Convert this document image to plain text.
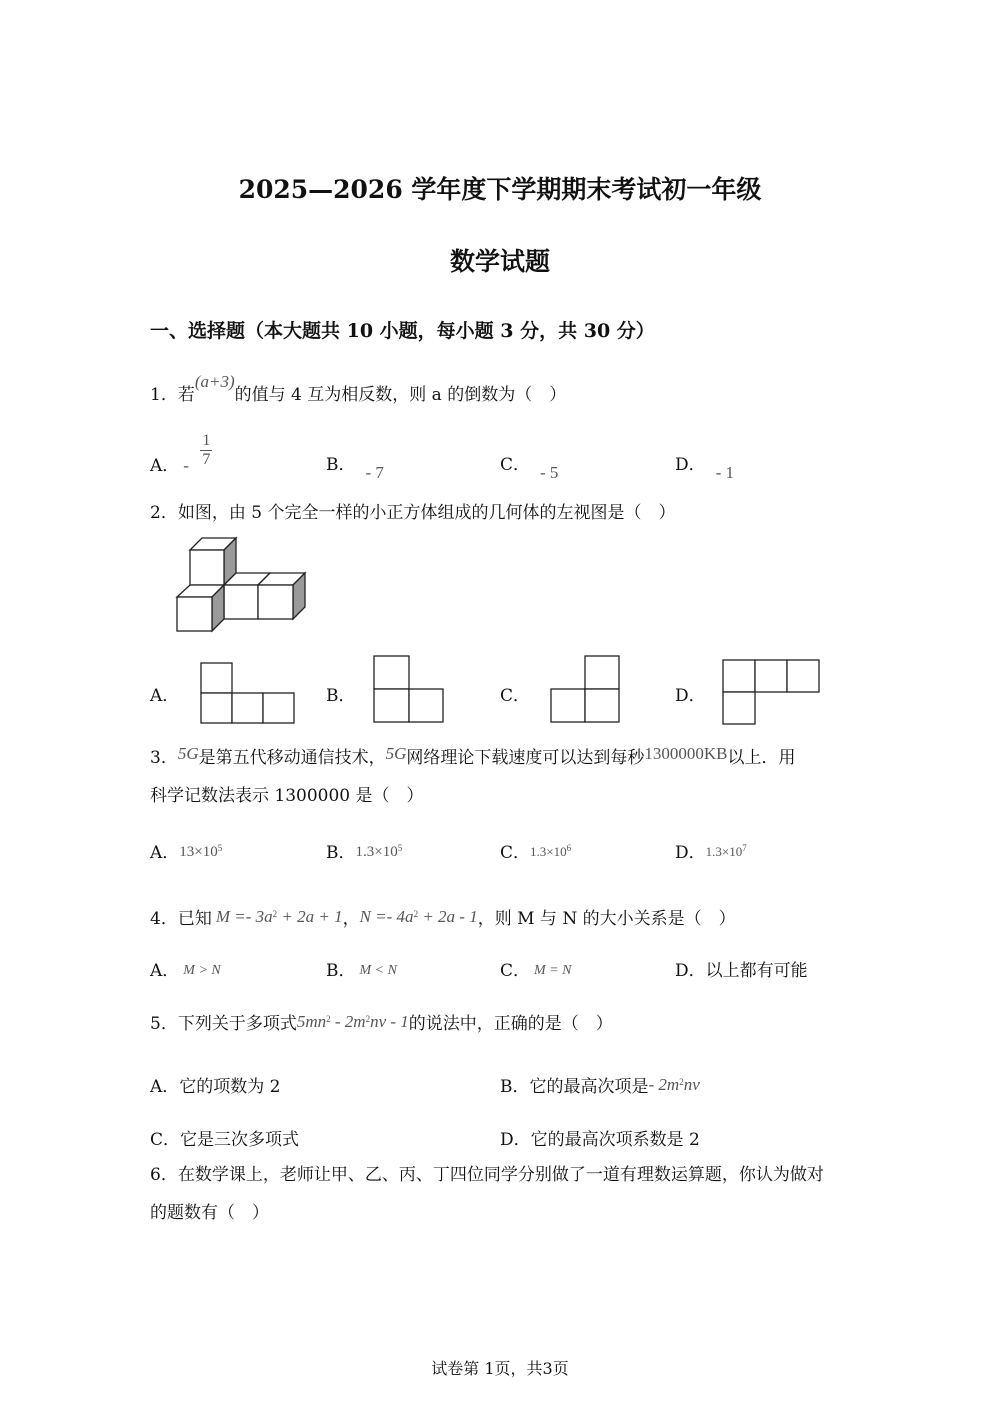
2025—2026 学年度下学期期末考试初一年级
数学试题
一、选择题（本大题共 10 小题，每小题 3 分，共 30 分）
1．若(a+3)的值与 4 互为相反数，则 a 的倒数为（　）
A． - $\frac{1}{7}$	B． - 7	C． - 5	D． - 1
2．如图，由 5 个完全一样的小正方体组成的几何体的左视图是（　）
A．	B．	C．	D．
3．5G是第五代移动通信技术，5G网络理论下载速度可以达到每秒1300000KB以上．用
科学记数法表示 1300000 是（　）
A．$13\times 10^5$	B．$1.3\times 10^5$	C．$1.3\times 10^6$	D．$1.3\times 10^7$
4．已知 $M =- 3a^2 + 2a + 1$，$N =- 4a^2 + 2a - 1$，则 M 与 N 的大小关系是（　）
A． M > N	B． M < N	C． M = N	D．以上都有可能
5．下列关于多项式$5mn^2 - 2m^2nv - 1$的说法中，正确的是（　）
A．它的项数为 2	B．它的最高次项是- $2m^2nv$
C．它是三次多项式	D．它的最高次项系数是 2
6．在数学课上，老师让甲、乙、丙、丁四位同学分别做了一道有理数运算题，你认为做对
的题数有（　）
试卷第 1页，共3页
